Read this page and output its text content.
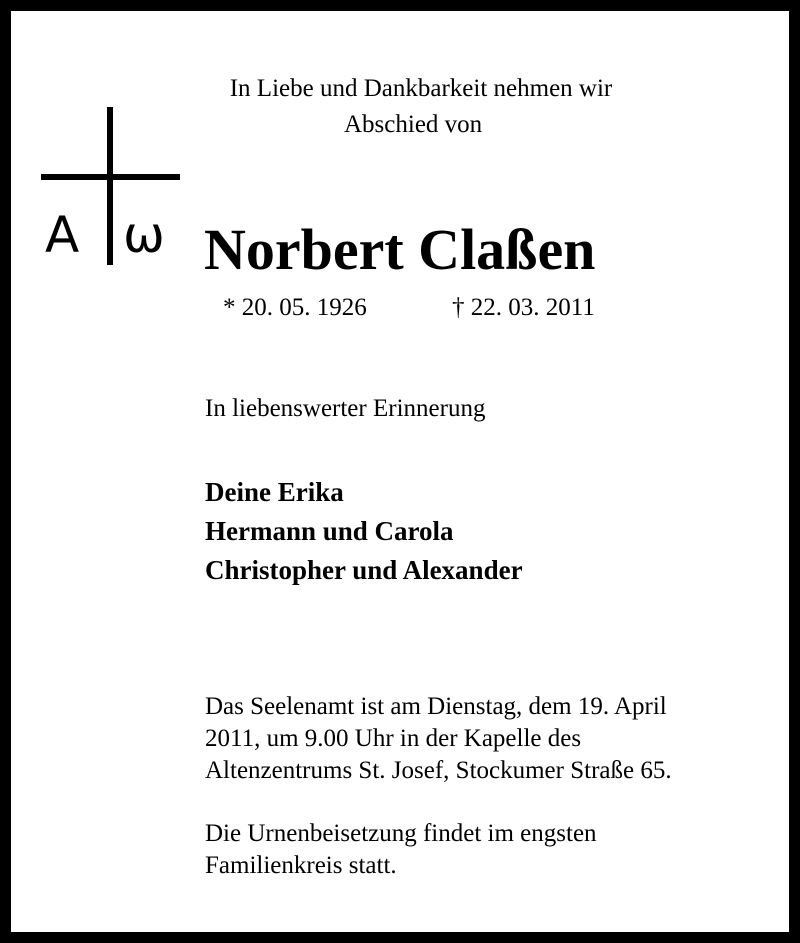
In Liebe und Dankbarkeit nehmen wir
Abschied von
A ω Norbert Claßen
* 20. 05. 1926	† 22. 03. 2011
In liebenswerter Erinnerung
Deine Erika
Hermann und Carola
Christopher und Alexander
Das Seelenamt ist am Dienstag, dem 19. April
2011, um 9.00 Uhr in der Kapelle des
Altenzentrums St. Josef, Stockumer Straße 65.
Die Urnenbeisetzung findet im engsten
Familienkreis statt.
